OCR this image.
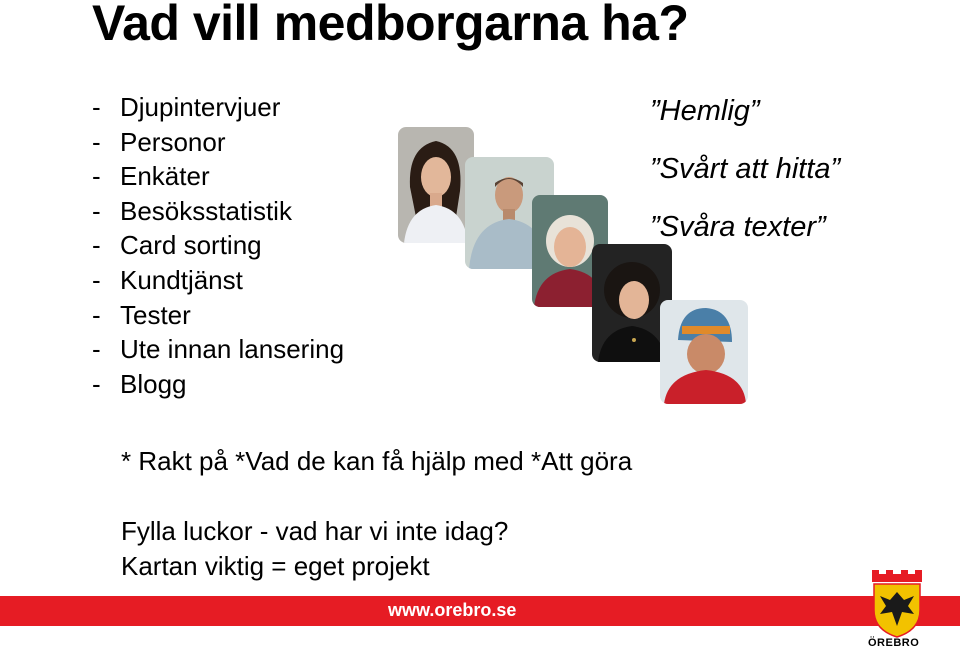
Vad vill medborgarna ha?
- Djupintervjuer
- Personor
- Enkäter
- Besöksstatistik
- Card sorting
- Kundtjänst
- Tester
- Ute innan lansering
- Blogg
”Hemlig”
”Svårt att hitta”
”Svåra texter”
* Rakt på *Vad de kan få hjälp med *Att göra
Fylla luckor - vad har vi inte idag?
Kartan viktig = eget projekt
www.orebro.se
ÖREBRO
